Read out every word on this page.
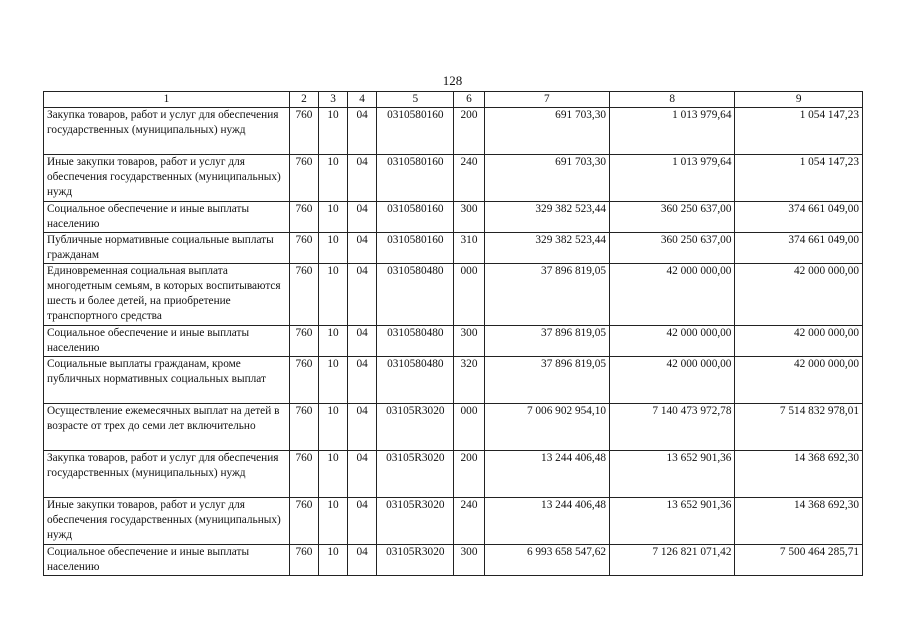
128
1	2	3	4	5	6	7	8	9
Закупка товаров, работ и услуг для обеспечения государственных (муниципальных) нужд	760	10	04	0310580160	200	691 703,30	1 013 979,64	1 054 147,23
Иные закупки товаров, работ и услуг для обеспечения государственных (муниципальных) нужд	760	10	04	0310580160	240	691 703,30	1 013 979,64	1 054 147,23
Социальное обеспечение и иные выплаты населению	760	10	04	0310580160	300	329 382 523,44	360 250 637,00	374 661 049,00
Публичные нормативные социальные выплаты гражданам	760	10	04	0310580160	310	329 382 523,44	360 250 637,00	374 661 049,00
Единовременная социальная выплата многодетным семьям, в которых воспитываются шесть и более детей, на приобретение транспортного средства	760	10	04	0310580480	000	37 896 819,05	42 000 000,00	42 000 000,00
Социальное обеспечение и иные выплаты населению	760	10	04	0310580480	300	37 896 819,05	42 000 000,00	42 000 000,00
Социальные выплаты гражданам, кроме публичных нормативных социальных выплат	760	10	04	0310580480	320	37 896 819,05	42 000 000,00	42 000 000,00
Осуществление ежемесячных выплат на детей в возрасте от трех до семи лет включительно	760	10	04	03105R3020	000	7 006 902 954,10	7 140 473 972,78	7 514 832 978,01
Закупка товаров, работ и услуг для обеспечения государственных (муниципальных) нужд	760	10	04	03105R3020	200	13 244 406,48	13 652 901,36	14 368 692,30
Иные закупки товаров, работ и услуг для обеспечения государственных (муниципальных) нужд	760	10	04	03105R3020	240	13 244 406,48	13 652 901,36	14 368 692,30
Социальное обеспечение и иные выплаты населению	760	10	04	03105R3020	300	6 993 658 547,62	7 126 821 071,42	7 500 464 285,71
